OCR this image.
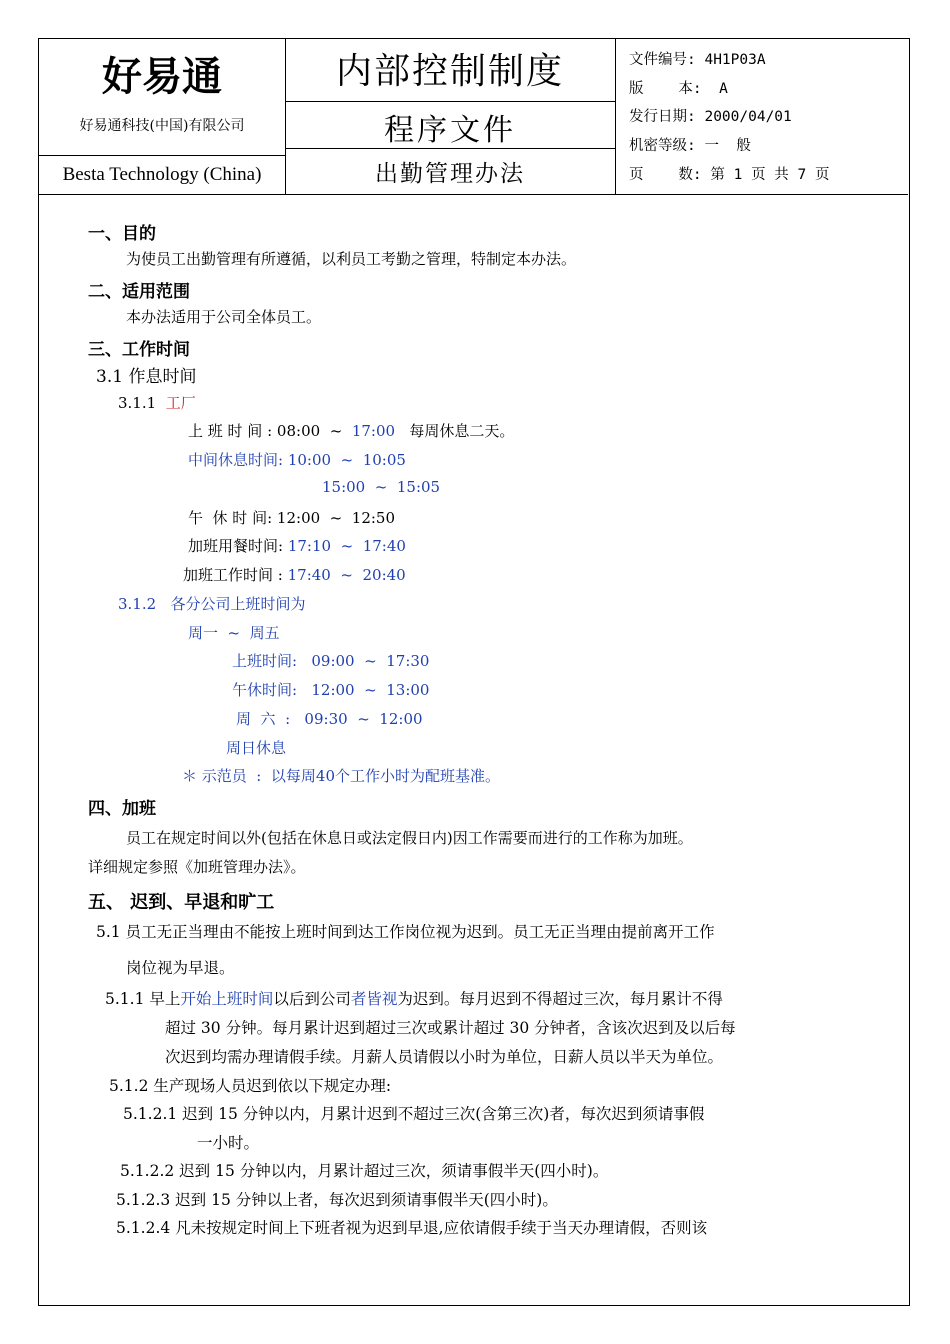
好易通
好易通科技(中国)有限公司
Besta Technology (China)
内部控制制度
程序文件
出勤管理办法
文件编号: 4H1P03A
版    本: A
发行日期: 2000/04/01
机密等级: 一  般
页    数: 第 1 页 共 7 页
一、目的
为使员工出勤管理有所遵循，以利员工考勤之管理，特制定本办法。
二、适用范围
本办法适用于公司全体员工。
三、工作时间
3.1 作息时间
3.1.1 工厂
上 班 时 间 : 08:00 ~ 17:00 每周休息二天。
中间休息时间: 10:00  ~  10:05
15:00  ~  15:05
午  休 时 间: 12:00  ~  12:50
加班用餐时间: 17:10  ~  17:40
加班工作时间 : 17:40  ~  20:40
3.1.2   各分公司上班时间为
周一  ~  周五
上班时间:   09:00  ~  17:30
午休时间:   12:00  ~  13:00
周  六  :   09:30  ~  12:00
周日休息
＊ 示范员  :  以每周40个工作小时为配班基准。
四、加班
员工在规定时间以外(包括在休息日或法定假日内)因工作需要而进行的工作称为加班。
详细规定参照《加班管理办法》。
五、 迟到、早退和旷工
5.1 员工无正当理由不能按上班时间到达工作岗位视为迟到。员工无正当理由提前离开工作
岗位视为早退。
5.1.1 早上开始上班时间以后到公司者皆视为迟到。每月迟到不得超过三次，每月累计不得
超过 30 分钟。每月累计迟到超过三次或累计超过 30 分钟者，含该次迟到及以后每
次迟到均需办理请假手续。月薪人员请假以小时为单位，日薪人员以半天为单位。
5.1.2 生产现场人员迟到依以下规定办理:
5.1.2.1 迟到 15 分钟以内，月累计迟到不超过三次(含第三次)者，每次迟到须请事假
一小时。
5.1.2.2 迟到 15 分钟以内，月累计超过三次，须请事假半天(四小时)。
5.1.2.3 迟到 15 分钟以上者，每次迟到须请事假半天(四小时)。
5.1.2.4 凡未按规定时间上下班者视为迟到早退,应依请假手续于当天办理请假，否则该
